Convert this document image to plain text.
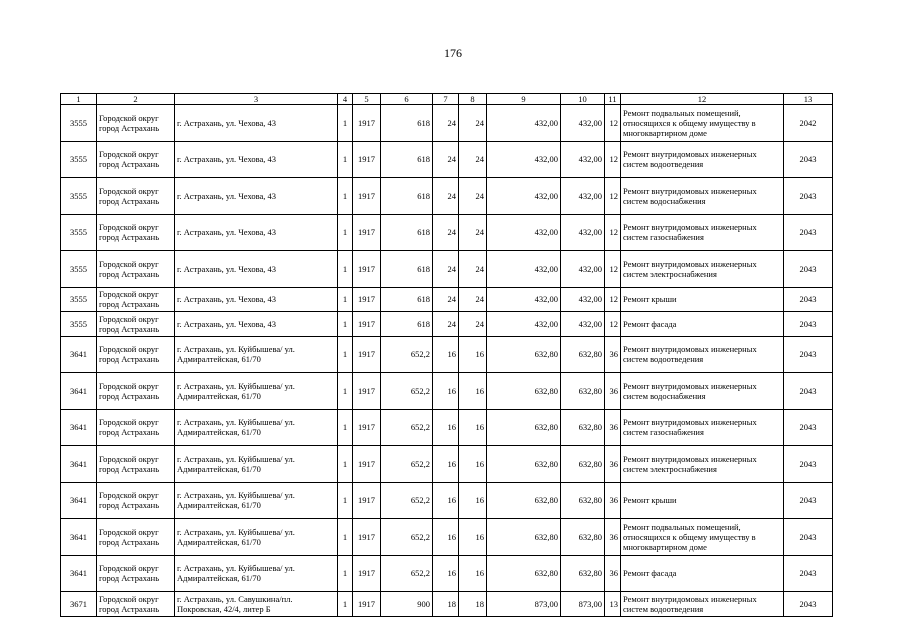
176
1	2	3	4	5	6	7	8	9	10	11	12	13
3555	Городской округ город Астрахань	г. Астрахань, ул. Чехова, 43	1	1917	618	24	24	432,00	432,00	12	Ремонт подвальных помещений, относящихся к общему имуществу в многоквартирном доме	2042
3555	Городской округ город Астрахань	г. Астрахань, ул. Чехова, 43	1	1917	618	24	24	432,00	432,00	12	Ремонт внутридомовых инженерных систем водоотведения	2043
3555	Городской округ город Астрахань	г. Астрахань, ул. Чехова, 43	1	1917	618	24	24	432,00	432,00	12	Ремонт внутридомовых инженерных систем водоснабжения	2043
3555	Городской округ город Астрахань	г. Астрахань, ул. Чехова, 43	1	1917	618	24	24	432,00	432,00	12	Ремонт внутридомовых инженерных систем газоснабжения	2043
3555	Городской округ город Астрахань	г. Астрахань, ул. Чехова, 43	1	1917	618	24	24	432,00	432,00	12	Ремонт внутридомовых инженерных систем электроснабжения	2043
3555	Городской округ город Астрахань	г. Астрахань, ул. Чехова, 43	1	1917	618	24	24	432,00	432,00	12	Ремонт крыши	2043
3555	Городской округ город Астрахань	г. Астрахань, ул. Чехова, 43	1	1917	618	24	24	432,00	432,00	12	Ремонт фасада	2043
3641	Городской округ город Астрахань	г. Астрахань, ул. Куйбышева/ ул. Адмиралтейская, 61/70	1	1917	652,2	16	16	632,80	632,80	36	Ремонт внутридомовых инженерных систем водоотведения	2043
3641	Городской округ город Астрахань	г. Астрахань, ул. Куйбышева/ ул. Адмиралтейская, 61/70	1	1917	652,2	16	16	632,80	632,80	36	Ремонт внутридомовых инженерных систем водоснабжения	2043
3641	Городской округ город Астрахань	г. Астрахань, ул. Куйбышева/ ул. Адмиралтейская, 61/70	1	1917	652,2	16	16	632,80	632,80	36	Ремонт внутридомовых инженерных систем газоснабжения	2043
3641	Городской округ город Астрахань	г. Астрахань, ул. Куйбышева/ ул. Адмиралтейская, 61/70	1	1917	652,2	16	16	632,80	632,80	36	Ремонт внутридомовых инженерных систем электроснабжения	2043
3641	Городской округ город Астрахань	г. Астрахань, ул. Куйбышева/ ул. Адмиралтейская, 61/70	1	1917	652,2	16	16	632,80	632,80	36	Ремонт крыши	2043
3641	Городской округ город Астрахань	г. Астрахань, ул. Куйбышева/ ул. Адмиралтейская, 61/70	1	1917	652,2	16	16	632,80	632,80	36	Ремонт подвальных помещений, относящихся к общему имуществу в многоквартирном доме	2043
3641	Городской округ город Астрахань	г. Астрахань, ул. Куйбышева/ ул. Адмиралтейская, 61/70	1	1917	652,2	16	16	632,80	632,80	36	Ремонт фасада	2043
3671	Городской округ город Астрахань	г. Астрахань, ул. Савушкина/пл. Покровская, 42/4, литер Б	1	1917	900	18	18	873,00	873,00	13	Ремонт внутридомовых инженерных систем водоотведения	2043
